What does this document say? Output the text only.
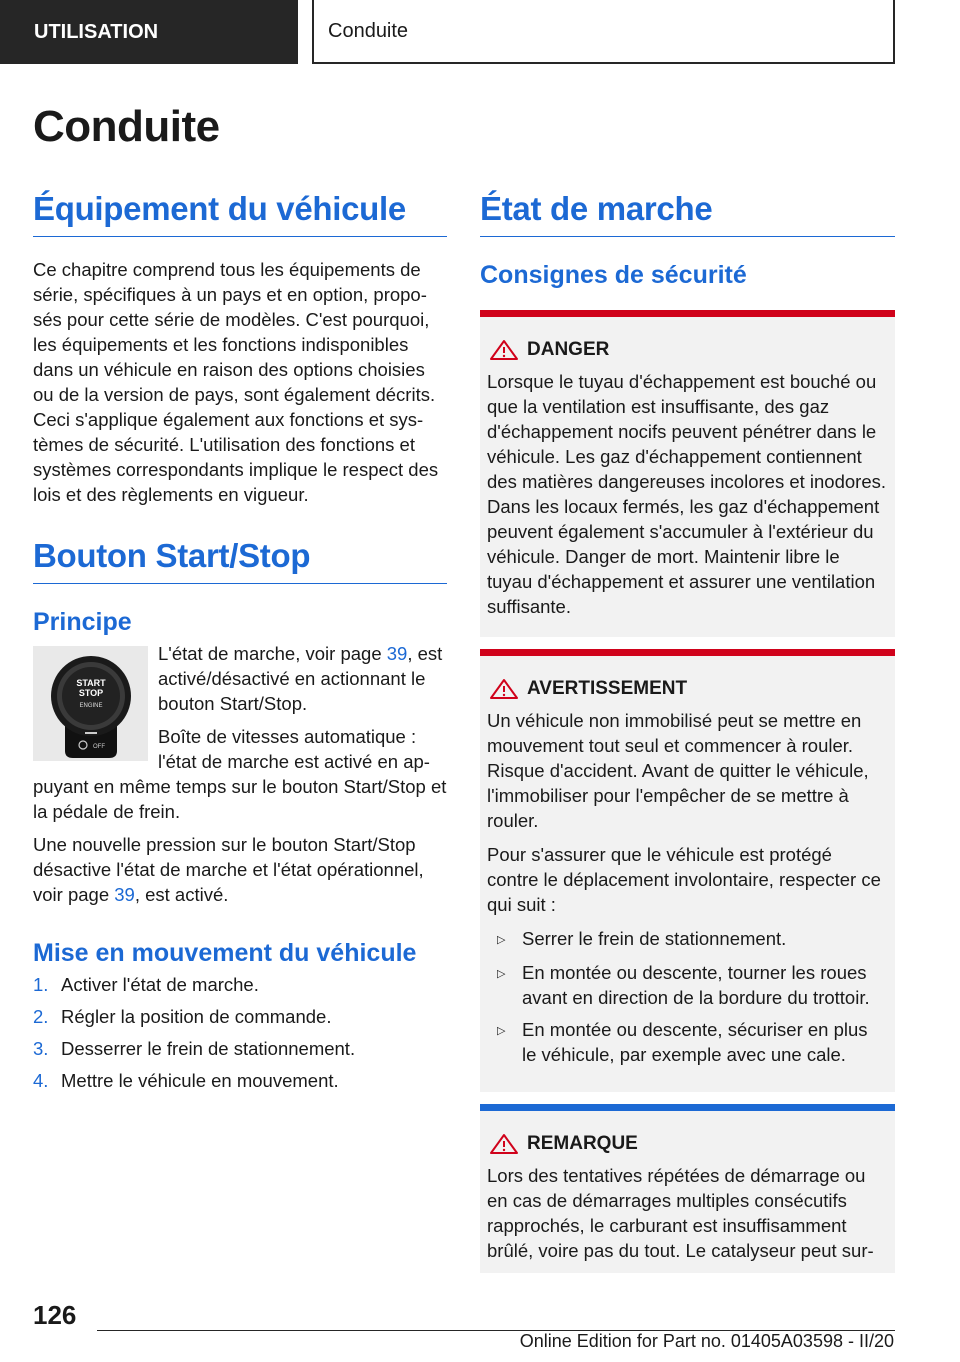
UTILISATION	Conduite
Conduite
Équipement du véhicule

Ce chapitre comprend tous les équipements de série, spécifiques à un pays et en option, proposés pour cette série de modèles. C'est pourquoi, les équipements et les fonctions indisponibles dans un véhicule en raison des options choisies ou de la version de pays, sont également décrits. Ceci s'applique également aux fonctions et systèmes de sécurité. L'utilisation des fonctions et systèmes correspondants implique le respect des lois et des règlements en vigueur.

Bouton Start/Stop
Principe
START
STOP
ENGINE
OFF

L'état de marche, voir page 39, est activé/désactivé en actionnant le bouton Start/Stop.

Boîte de vitesses automatique : l'état de marche est activé en appuyant en même temps sur le bouton Start/Stop et la pédale de frein.

Une nouvelle pression sur le bouton Start/Stop désactive l'état de marche et l'état opérationnel, voir page 39, est activé.

Mise en mouvement du véhicule
1. Activer l'état de marche.
2. Régler la position de commande.
3. Desserrer le frein de stationnement.
4. Mettre le véhicule en mouvement.
État de marche
Consignes de sécurité
DANGER

Lorsque le tuyau d'échappement est bouché ou que la ventilation est insuffisante, des gaz d'échappement nocifs peuvent pénétrer dans le véhicule. Les gaz d'échappement contiennent des matières dangereuses incolores et inodores. Dans les locaux fermés, les gaz d'échappement peuvent également s'accumuler à l'extérieur du véhicule. Danger de mort. Maintenir libre le tuyau d'échappement et assurer une ventilation suffisante.

AVERTISSEMENT

Un véhicule non immobilisé peut se mettre en mouvement tout seul et commencer à rouler. Risque d'accident. Avant de quitter le véhicule, l'immobiliser pour l'empêcher de se mettre à rouler.

Pour s'assurer que le véhicule est protégé contre le déplacement involontaire, respecter ce qui suit :

▷ Serrer le frein de stationnement.
▷ En montée ou descente, tourner les roues avant en direction de la bordure du trottoir.
▷ En montée ou descente, sécuriser en plus le véhicule, par exemple avec une cale.
REMARQUE

Lors des tentatives répétées de démarrage ou en cas de démarrages multiples consécutifs rapprochés, le carburant est insuffisamment brûlé, voire pas du tout. Le catalyseur peut sur-

126
Online Edition for Part no. 01405A03598 - II/20
